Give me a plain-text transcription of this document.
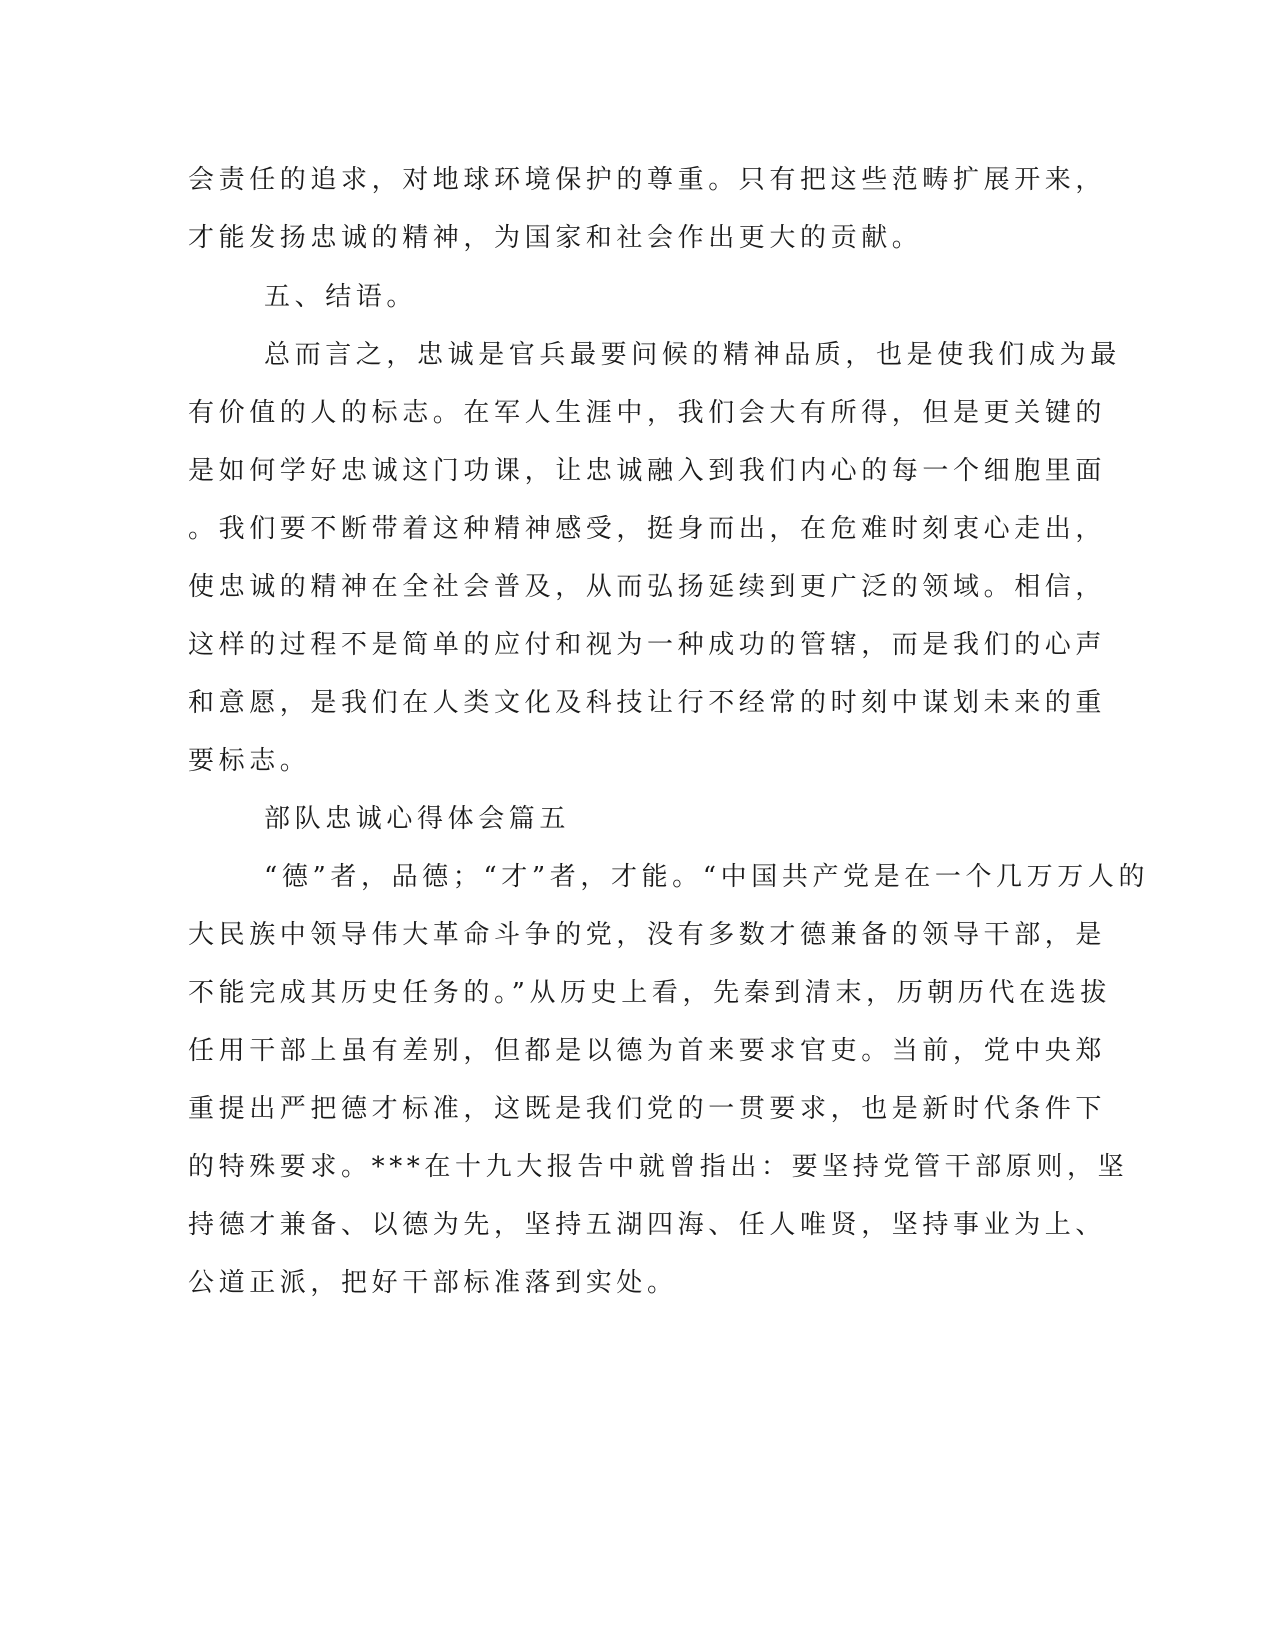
会责任的追求，对地球环境保护的尊重。只有把这些范畴扩展开来，
才能发扬忠诚的精神，为国家和社会作出更大的贡献。
五、结语。
总而言之，忠诚是官兵最要问候的精神品质，也是使我们成为最
有价值的人的标志。在军人生涯中，我们会大有所得，但是更关键的
是如何学好忠诚这门功课，让忠诚融入到我们内心的每一个细胞里面
。我们要不断带着这种精神感受，挺身而出，在危难时刻衷心走出，
使忠诚的精神在全社会普及，从而弘扬延续到更广泛的领域。相信，
这样的过程不是简单的应付和视为一种成功的管辖，而是我们的心声
和意愿，是我们在人类文化及科技让行不经常的时刻中谋划未来的重
要标志。
部队忠诚心得体会篇五
“德”者，品德；“才”者，才能。“中国共产党是在一个几万万人的
大民族中领导伟大革命斗争的党，没有多数才德兼备的领导干部，是
不能完成其历史任务的。”从历史上看，先秦到清末，历朝历代在选拔
任用干部上虽有差别，但都是以德为首来要求官吏。当前，党中央郑
重提出严把德才标准，这既是我们党的一贯要求，也是新时代条件下
的特殊要求。***在十九大报告中就曾指出：要坚持党管干部原则，坚
持德才兼备、以德为先，坚持五湖四海、任人唯贤，坚持事业为上、
公道正派，把好干部标准落到实处。
